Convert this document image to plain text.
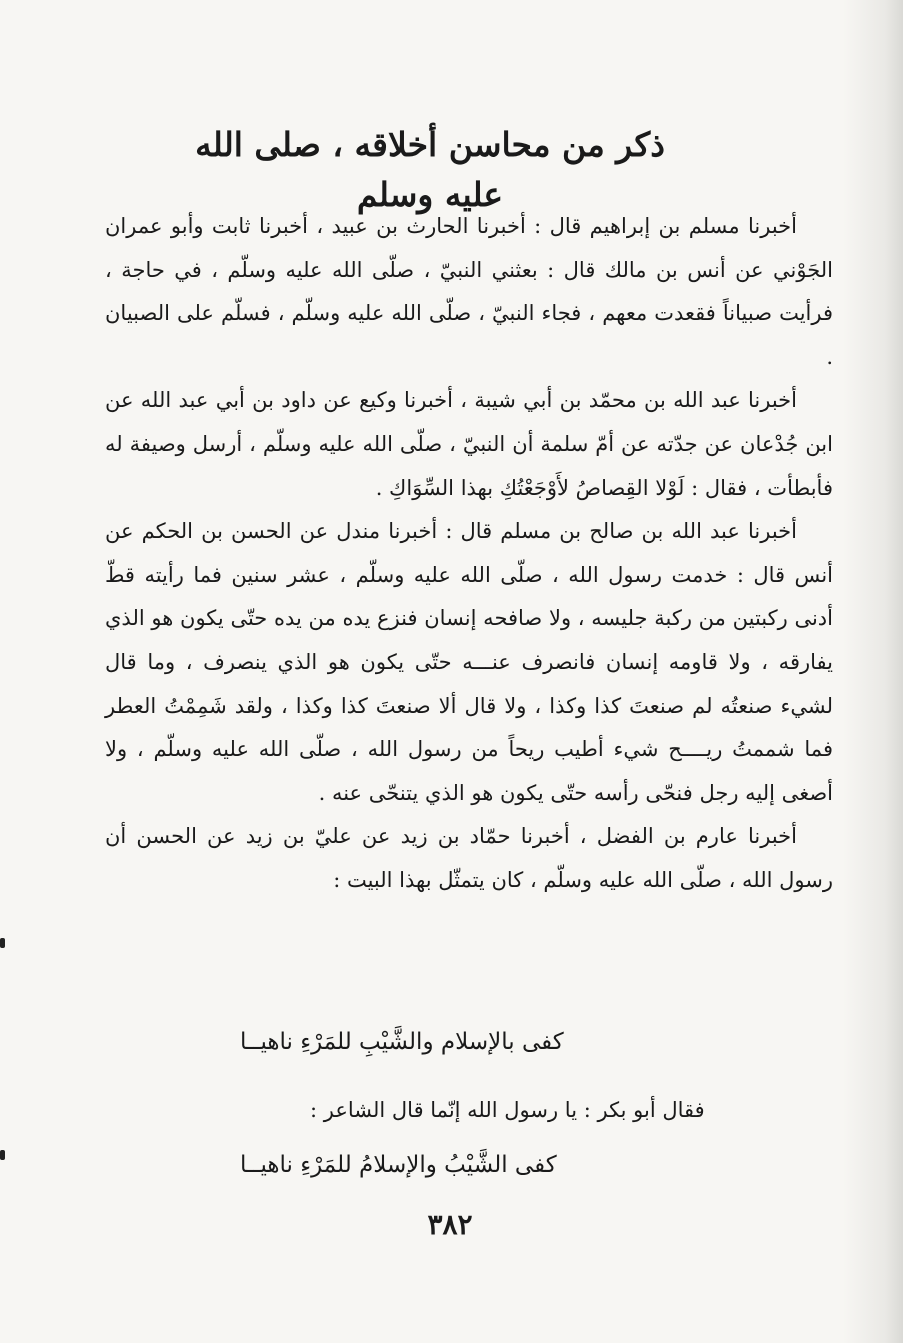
ذكر من محاسن أخلاقه ، صلى الله عليه وسلم

أخبرنا مسلم بن إبراهيم قال : أخبرنا الحارث بن عبيد ، أخبرنا ثابت وأبو عمران الجَوْني عن أنس بن مالك قال : بعثني النبيّ ، صلّى الله عليه وسلّم ، في حاجة ، فرأيت صبياناً فقعدت معهم ، فجاء النبيّ ، صلّى الله عليه وسلّم ، فسلّم على الصبيان .

أخبرنا عبد الله بن محمّد بن أبي شيبة ، أخبرنا وكيع عن داود بن أبي عبد الله عن ابن جُدْعان عن جدّته عن أمّ سلمة أن النبيّ ، صلّى الله عليه وسلّم ، أرسل وصيفة له فأبطأت ، فقال : لَوْلا القِصاصُ لأَوْجَعْتُكِ بهذا السِّوَاكِ .

أخبرنا عبد الله بن صالح بن مسلم قال : أخبرنا مندل عن الحسن بن الحكم عن أنس قال : خدمت رسول الله ، صلّى الله عليه وسلّم ، عشر سنين فما رأيته قطّ أدنى ركبتين من ركبة جليسه ، ولا صافحه إنسان فنزع يده من يده حتّى يكون هو الذي يفارقه ، ولا قاومه إنسان فانصرف عنـــه حتّى يكون هو الذي ينصرف ، وما قال لشيء صنعتُه لم صنعتَ كذا وكذا ، ولا قال ألا صنعتَ كذا وكذا ، ولقد شَمِمْتُ العطر فما شممتُ ريــــح شيء أطيب ريحاً من رسول الله ، صلّى الله عليه وسلّم ، ولا أصغى إليه رجل فنحّى رأسه حتّى يكون هو الذي يتنحّى عنه .

أخبرنا عارم بن الفضل ، أخبرنا حمّاد بن زيد عن عليّ بن زيد عن الحسن أن رسول الله ، صلّى الله عليه وسلّم ، كان يتمثّل بهذا البيت :

كفى بالإسلام والشَّيْبِ للمَرْءِ ناهيــا
فقال أبو بكر : يا رسول الله إنّما قال الشاعر :
كفى الشَّيْبُ والإسلامُ للمَرْءِ ناهيــا
٣٨٢
